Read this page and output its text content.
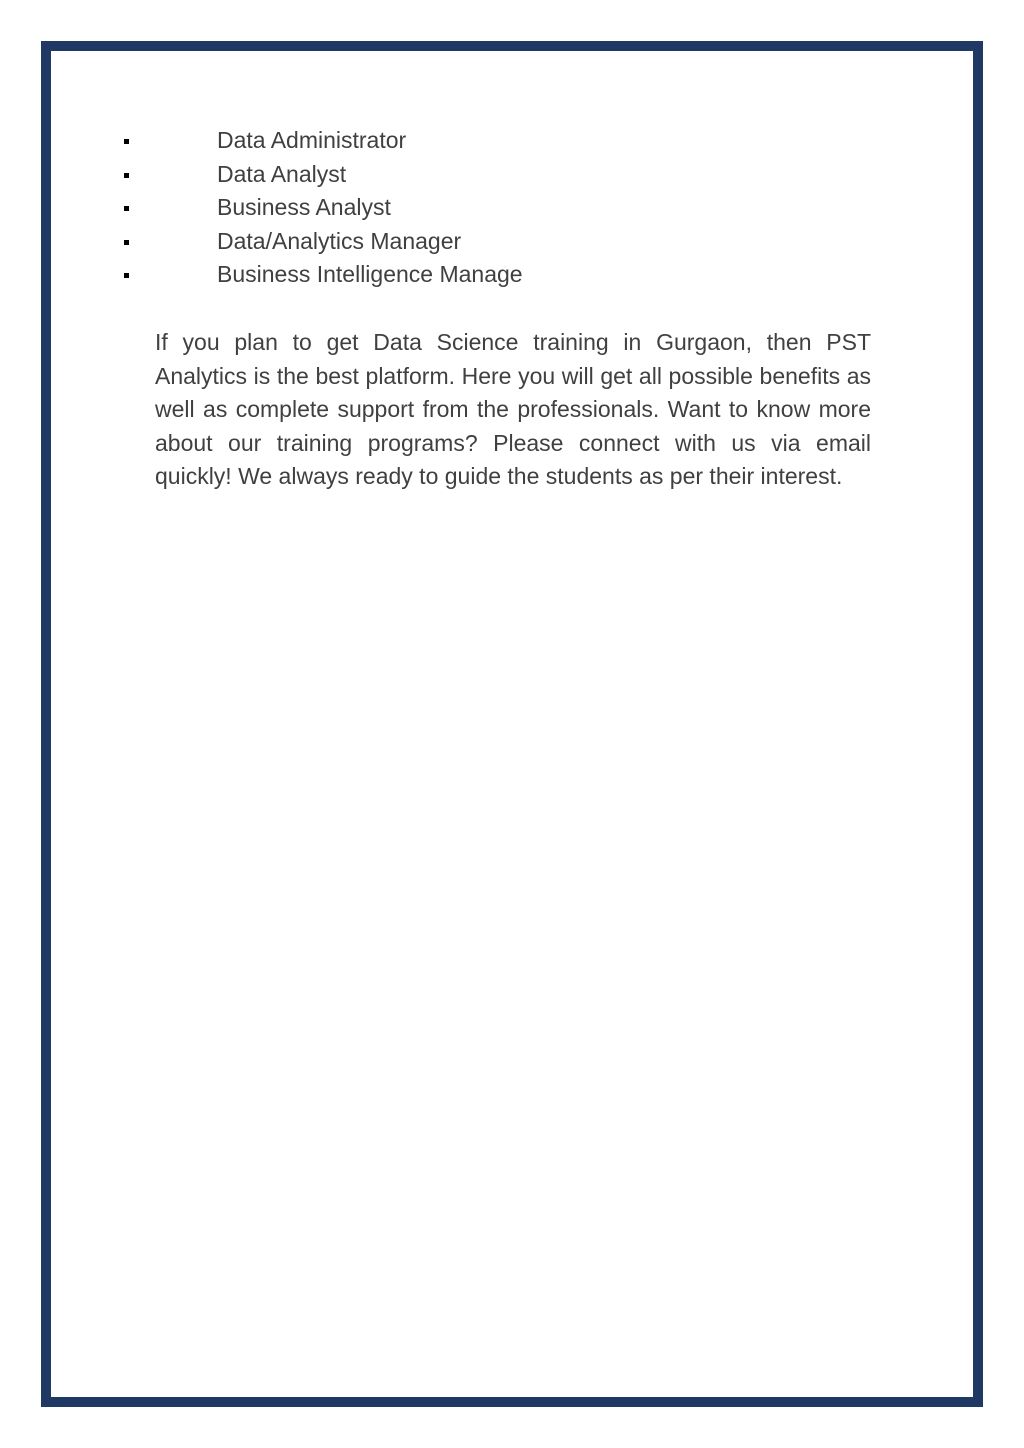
Data Administrator
Data Analyst
Business Analyst
Data/Analytics Manager
Business Intelligence Manage

If you plan to get Data Science training in Gurgaon, then PST Analytics is the best platform. Here you will get all possible benefits as well as complete support from the professionals. Want to know more about our training programs? Please connect with us via email quickly! We always ready to guide the students as per their interest.
